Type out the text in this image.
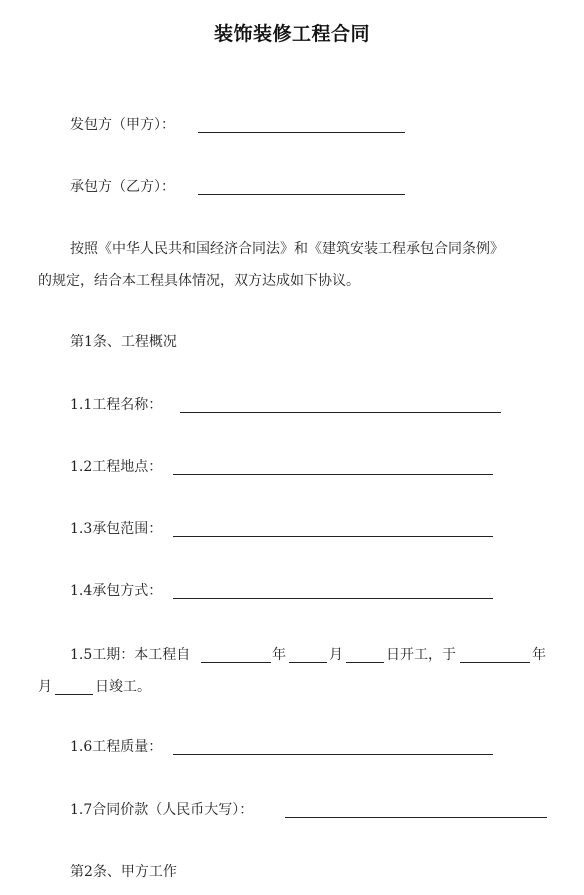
装饰装修工程合同
发包方（甲方）：
承包方（乙方）：
按照《中华人民共和国经济合同法》和《建筑安装工程承包合同条例》
的规定，结合本工程具体情况，双方达成如下协议。
第1条、工程概况
1.1工程名称：
1.2工程地点：
1.3承包范围：
1.4承包方式：
1.5工期：本工程自	年	月	日开工，于	年
月	日竣工。
1.6工程质量：
1.7合同价款（人民币大写）：
第2条、甲方工作
